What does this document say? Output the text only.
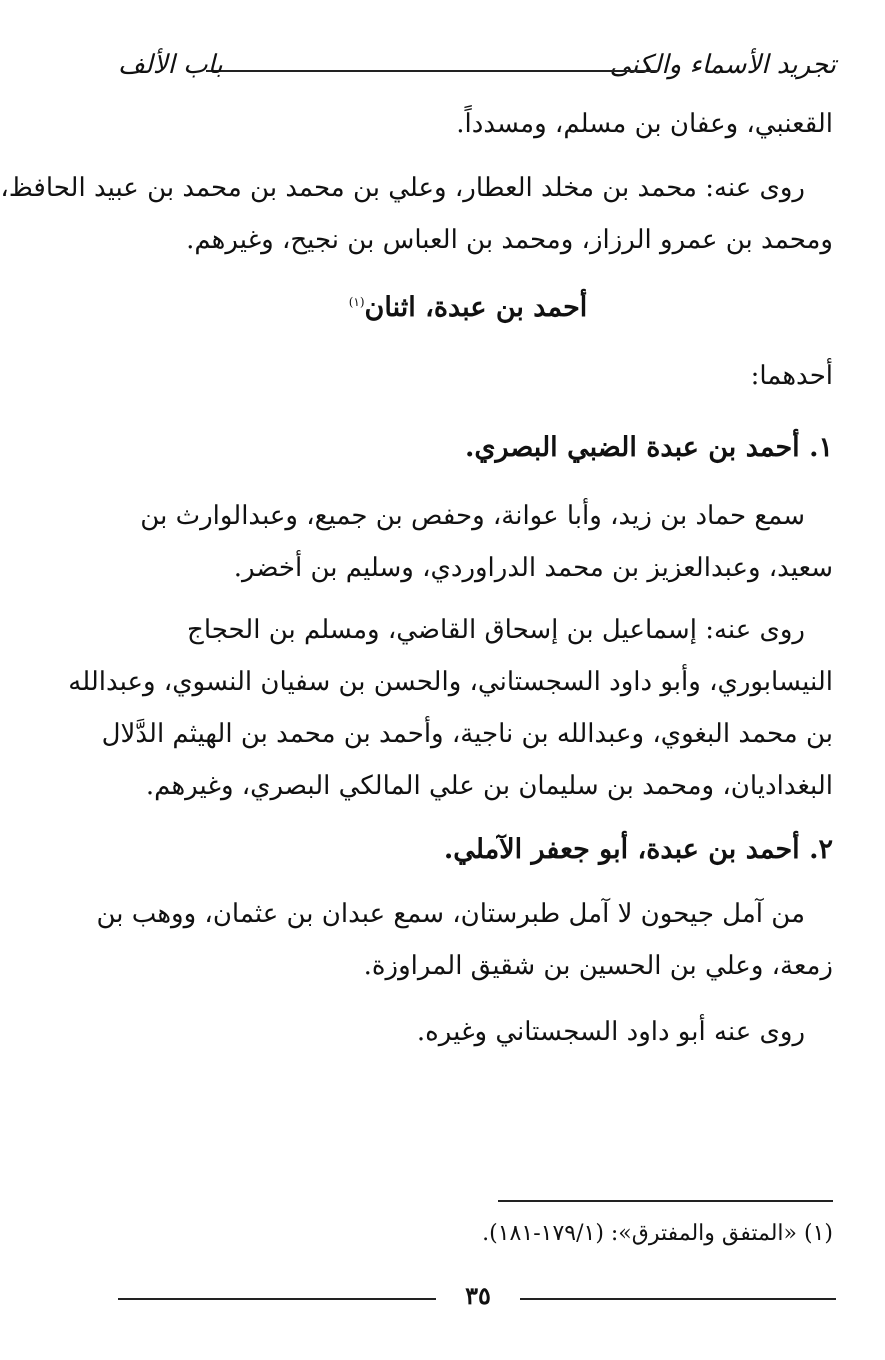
تجريد الأسماء والكنى
باب الألف
القعنبي، وعفان بن مسلم، ومسدداً.
روى عنه: محمد بن مخلد العطار، وعلي بن محمد بن محمد بن عبيد الحافظ،
ومحمد بن عمرو الرزاز، ومحمد بن العباس بن نجيح، وغيرهم.
أحمد بن عبدة، اثنان$^{(١)}$
أحدهما:
١. أحمد بن عبدة الضبي البصري.
سمع حماد بن زيد، وأبا عوانة، وحفص بن جميع، وعبدالوارث بن
سعيد، وعبدالعزيز بن محمد الدراوردي، وسليم بن أخضر.
روى عنه: إسماعيل بن إسحاق القاضي، ومسلم بن الحجاج
النيسابوري، وأبو داود السجستاني، والحسن بن سفيان النسوي، وعبدالله
بن محمد البغوي، وعبدالله بن ناجية، وأحمد بن محمد بن الهيثم الدَّلال
البغداديان، ومحمد بن سليمان بن علي المالكي البصري، وغيرهم.
٢. أحمد بن عبدة، أبو جعفر الآملي.
من آمل جيحون لا آمل طبرستان، سمع عبدان بن عثمان، ووهب بن
زمعة، وعلي بن الحسين بن شقيق المراوزة.
روى عنه أبو داود السجستاني وغيره.
(١) «المتفق والمفترق»: (١٧٩/١-١٨١).
٣٥
